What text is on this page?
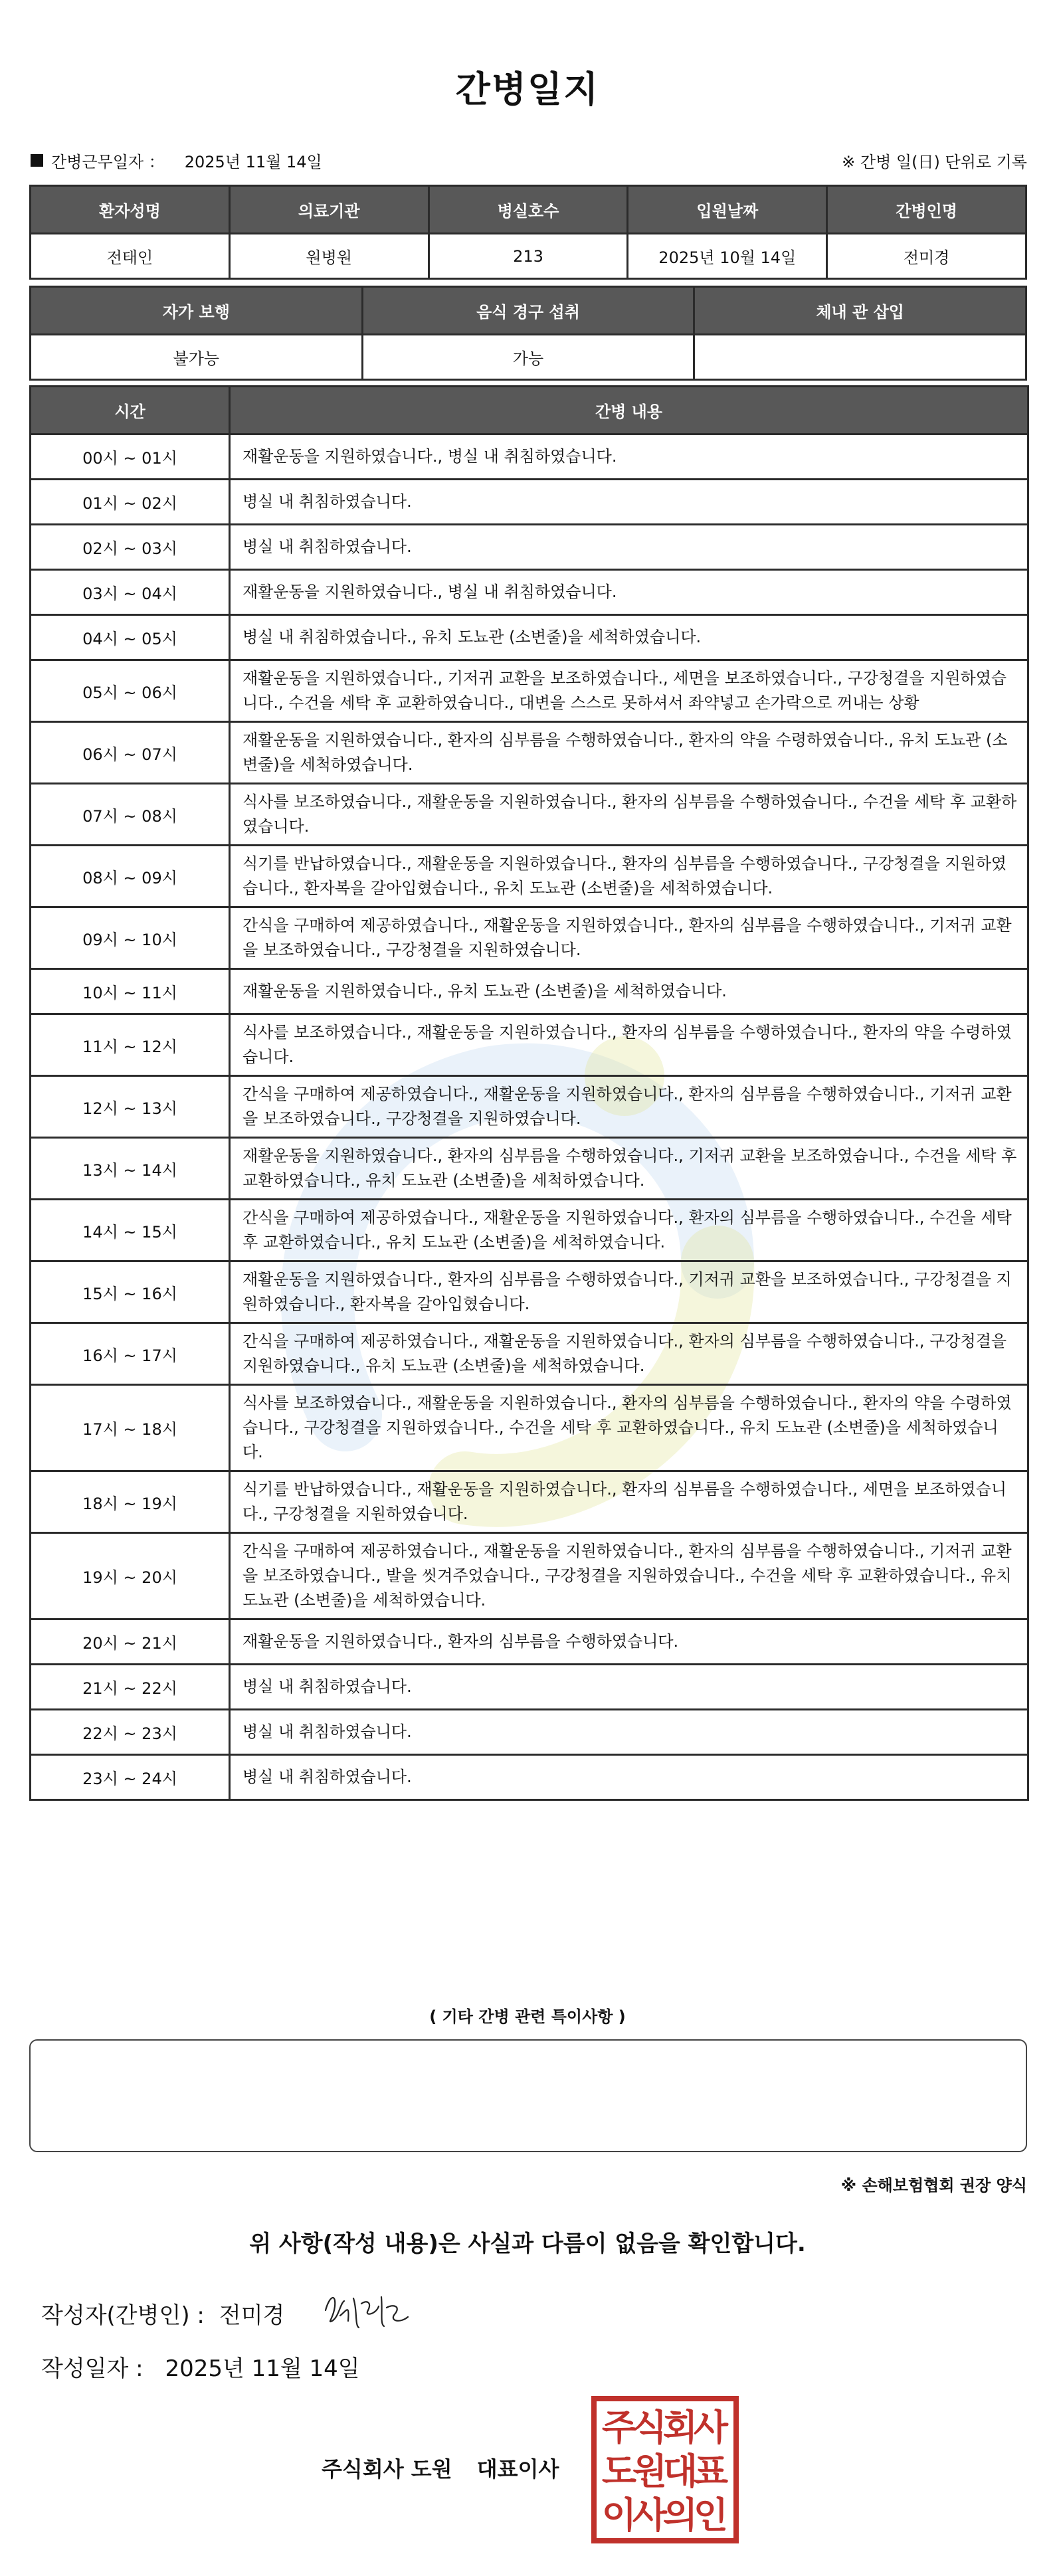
간병일지
간병근무일자 ： 2025년 11월 14일	※ 간병 일(日) 단위로 기록
환자성명	의료기관	병실호수	입원날짜	간병인명
전태인	원병원	213	2025년 10월 14일	전미경
자가 보행	음식 경구 섭취	체내 관 삽입
불가능	가능	
시간	간병 내용
00시 ~ 01시	재활운동을 지원하였습니다., 병실 내 취침하였습니다.
01시 ~ 02시	병실 내 취침하였습니다.
02시 ~ 03시	병실 내 취침하였습니다.
03시 ~ 04시	재활운동을 지원하였습니다., 병실 내 취침하였습니다.
04시 ~ 05시	병실 내 취침하였습니다., 유치 도뇨관 (소변줄)을 세척하였습니다.
05시 ~ 06시	재활운동을 지원하였습니다., 기저귀 교환을 보조하였습니다., 세면을 보조하였습니다., 구강청결을 지원하였습니다., 수건을 세탁 후 교환하였습니다., 대변을 스스로 못하셔서 좌약넣고 손가락으로 꺼내는 상황
06시 ~ 07시	재활운동을 지원하였습니다., 환자의 심부름을 수행하였습니다., 환자의 약을 수령하였습니다., 유치 도뇨관 (소변줄)을 세척하였습니다.
07시 ~ 08시	식사를 보조하였습니다., 재활운동을 지원하였습니다., 환자의 심부름을 수행하였습니다., 수건을 세탁 후 교환하였습니다.
08시 ~ 09시	식기를 반납하였습니다., 재활운동을 지원하였습니다., 환자의 심부름을 수행하였습니다., 구강청결을 지원하였습니다., 환자복을 갈아입혔습니다., 유치 도뇨관 (소변줄)을 세척하였습니다.
09시 ~ 10시	간식을 구매하여 제공하였습니다., 재활운동을 지원하였습니다., 환자의 심부름을 수행하였습니다., 기저귀 교환을 보조하였습니다., 구강청결을 지원하였습니다.
10시 ~ 11시	재활운동을 지원하였습니다., 유치 도뇨관 (소변줄)을 세척하였습니다.
11시 ~ 12시	식사를 보조하였습니다., 재활운동을 지원하였습니다., 환자의 심부름을 수행하였습니다., 환자의 약을 수령하였습니다.
12시 ~ 13시	간식을 구매하여 제공하였습니다., 재활운동을 지원하였습니다., 환자의 심부름을 수행하였습니다., 기저귀 교환을 보조하였습니다., 구강청결을 지원하였습니다.
13시 ~ 14시	재활운동을 지원하였습니다., 환자의 심부름을 수행하였습니다., 기저귀 교환을 보조하였습니다., 수건을 세탁 후 교환하였습니다., 유치 도뇨관 (소변줄)을 세척하였습니다.
14시 ~ 15시	간식을 구매하여 제공하였습니다., 재활운동을 지원하였습니다., 환자의 심부름을 수행하였습니다., 수건을 세탁 후 교환하였습니다., 유치 도뇨관 (소변줄)을 세척하였습니다.
15시 ~ 16시	재활운동을 지원하였습니다., 환자의 심부름을 수행하였습니다., 기저귀 교환을 보조하였습니다., 구강청결을 지원하였습니다., 환자복을 갈아입혔습니다.
16시 ~ 17시	간식을 구매하여 제공하였습니다., 재활운동을 지원하였습니다., 환자의 심부름을 수행하였습니다., 구강청결을 지원하였습니다., 유치 도뇨관 (소변줄)을 세척하였습니다.
17시 ~ 18시	식사를 보조하였습니다., 재활운동을 지원하였습니다., 환자의 심부름을 수행하였습니다., 환자의 약을 수령하였습니다., 구강청결을 지원하였습니다., 수건을 세탁 후 교환하였습니다., 유치 도뇨관 (소변줄)을 세척하였습니다.
18시 ~ 19시	식기를 반납하였습니다., 재활운동을 지원하였습니다., 환자의 심부름을 수행하였습니다., 세면을 보조하였습니다., 구강청결을 지원하였습니다.
19시 ~ 20시	간식을 구매하여 제공하였습니다., 재활운동을 지원하였습니다., 환자의 심부름을 수행하였습니다., 기저귀 교환을 보조하였습니다., 발을 씻겨주었습니다., 구강청결을 지원하였습니다., 수건을 세탁 후 교환하였습니다., 유치 도뇨관 (소변줄)을 세척하였습니다.
20시 ~ 21시	재활운동을 지원하였습니다., 환자의 심부름을 수행하였습니다.
21시 ~ 22시	병실 내 취침하였습니다.
22시 ~ 23시	병실 내 취침하였습니다.
23시 ~ 24시	병실 내 취침하였습니다.
( 기타 간병 관련 특이사항 )
※ 손해보험협회 권장 양식
위 사항(작성 내용)은 사실과 다름이 없음을 확인합니다.
작성자(간병인) : 전미경
작성일자 : 2025년 11월 14일
주식회사 도원 대표이사
주
식
회
사
도
원
대
표
이
사
의
인
